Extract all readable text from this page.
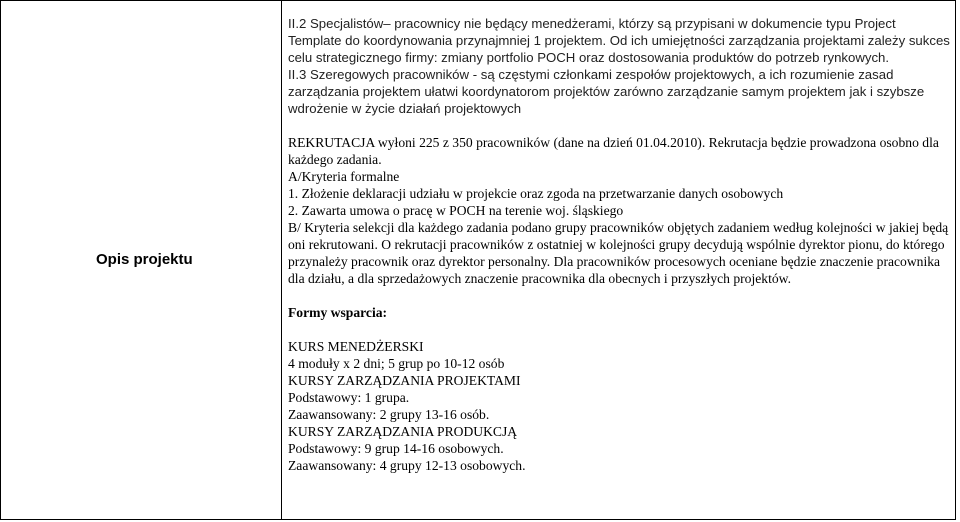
Opis projektu

II.2 Specjalistów– pracownicy nie będący menedżerami, którzy są przypisani w dokumencie typu Project Template do koordynowania przynajmniej 1 projektem. Od ich umiejętności zarządzania projektami zależy sukces celu strategicznego firmy: zmiany portfolio POCH oraz dostosowania produktów do potrzeb rynkowych.

II.3 Szeregowych pracowników - są częstymi członkami zespołów projektowych, a ich rozumienie zasad zarządzania projektem ułatwi koordynatorom projektów zarówno zarządzanie samym projektem jak i szybsze wdrożenie w życie działań projektowych

REKRUTACJA wyłoni 225 z 350 pracowników (dane na dzień 01.04.2010). Rekrutacja będzie prowadzona osobno dla każdego zadania.

A/Kryteria formalne
1. Złożenie deklaracji udziału w projekcie oraz zgoda na przetwarzanie danych osobowych
2. Zawarta umowa o pracę w POCH na terenie woj. śląskiego

B/ Kryteria selekcji dla każdego zadania podano grupy pracowników objętych zadaniem według kolejności w jakiej będą oni rekrutowani. O rekrutacji pracowników z ostatniej w kolejności grupy decydują wspólnie dyrektor pionu, do którego przynależy pracownik oraz dyrektor personalny. Dla pracowników procesowych oceniane będzie znaczenie pracownika dla działu, a dla sprzedażowych znaczenie pracownika dla obecnych i przyszłych projektów.

Formy wsparcia:
KURS MENEDŻERSKI
4 moduły x 2 dni; 5 grup po 10-12 osób
KURSY ZARZĄDZANIA PROJEKTAMI
Podstawowy: 1 grupa.
Zaawansowany: 2 grupy 13-16 osób.
KURSY ZARZĄDZANIA PRODUKCJĄ
Podstawowy: 9 grup 14-16 osobowych.
Zaawansowany: 4 grupy 12-13 osobowych.
